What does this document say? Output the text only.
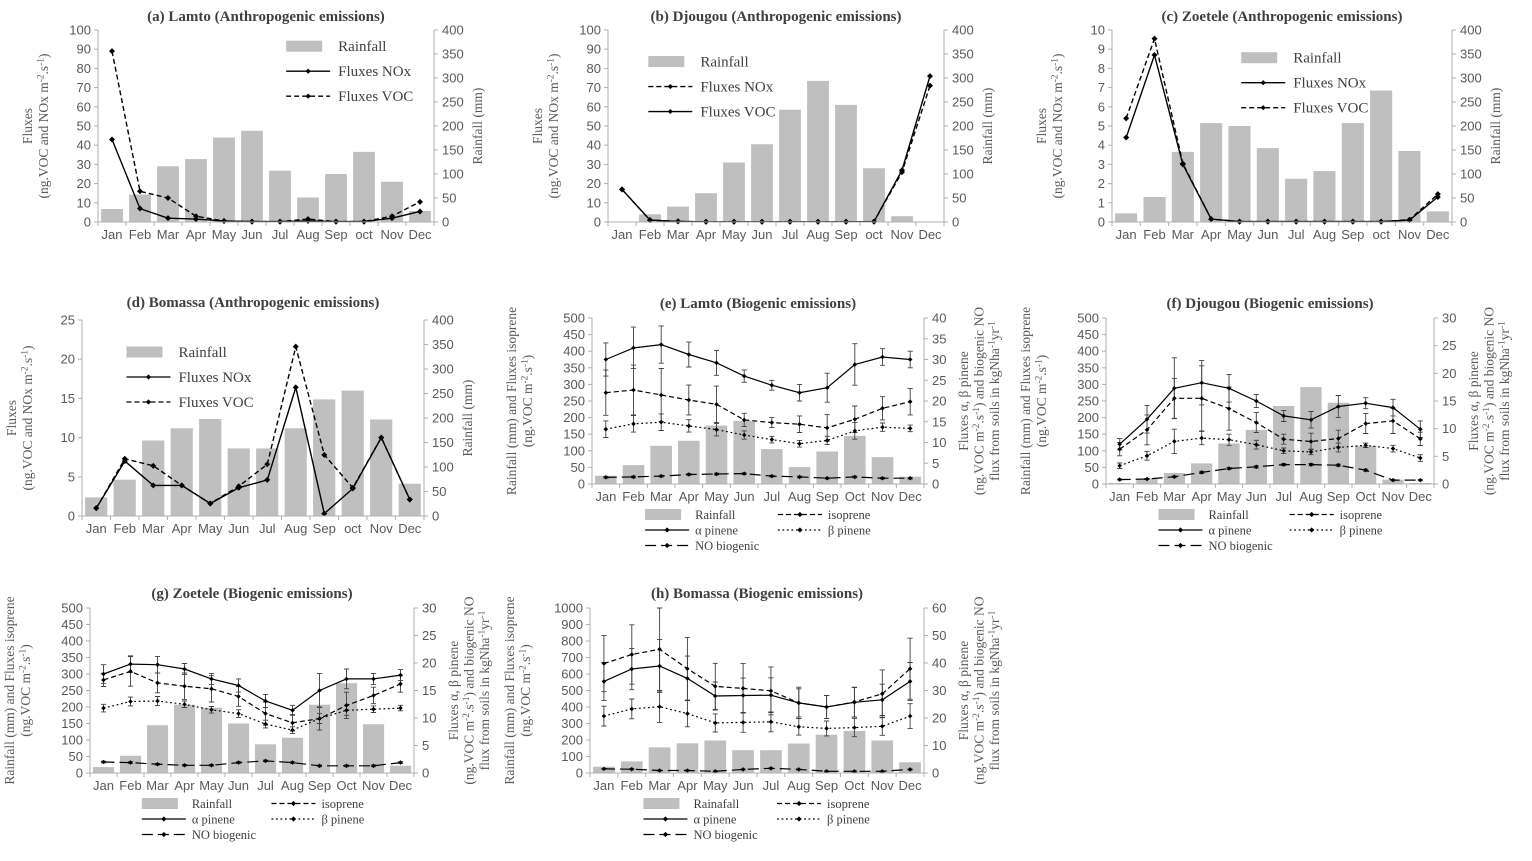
0
10
20
30
40
50
60
70
80
90
100
0
50
100
150
200
250
300
350
400
Jan Feb Mar Apr May Jun Jul Aug Sep oct Nov Dec
(a) Lamto (Anthropogenic emissions)
Fluxes (ng.VOC and NOx $m^{-2}.s^{-1}$)
Rainfall (mm)
Rainfall
Fluxes NOx
Fluxes VOC
0
10
20
30
40
50
60
70
80
90
100
0
50
100
150
200
250
300
350
400
Jan Feb Mar Apr May Jun Jul Aug Sep oct Nov Dec
(b) Djougou (Anthropogenic emissions)
Fluxes (ng.VOC and NOx $m^{-2}.s^{-1}$)
Rainfall (mm)
Rainfall
Fluxes NOx
Fluxes VOC
0
1
2
3
4
5
6
7
8
9
10
0
50
100
150
200
250
300
350
400
Jan Feb Mar Apr May Jun Jul Aug Sep oct Nov Dec
(c) Zoetele (Anthropogenic emissions)
Fluxes (ng.VOC and NOx $m^{-2}.s^{-1}$)
Rainfall (mm)
Rainfall
Fluxes NOx
Fluxes VOC
0
5
10
15
20
25
0
50
100
150
200
250
300
350
400
Jan Feb Mar Apr May Jun Jul Aug Sep oct Nov Dec
(d) Bomassa (Anthropogenic emissions)
Fluxes (ng.VOC and NOx $m^{-2}.s^{-1}$)
Rainfall (mm)
Rainfall
Fluxes NOx
Fluxes VOC
0
50
100
150
200
250
300
350
400
450
500
0
5
10
15
20
25
30
35
40
Jan Feb Mar Apr May Jun Jul Aug Sep Oct Nov Dec
(e) Lamto (Biogenic emissions)
Rainfall (mm) and Fluxes isoprene (ng.VOC $m^{-2}.s^{-1}$)	Fluxes α, β pinene
(ng.VOC $m^{-2}.s^{-1}$) and biogenic NO flux from soils in $kgNha^{-1}yr^{-1}$
Rainfall	isoprene
α pinene	β pinene
NO biogenic
0
50
100
150
200
250
300
350
400
450
500
0
5
10
15
20
25
30
Jan Feb Mar Apr May Jun Jul Aug Sep Oct Nov Dec
(f) Djougou (Biogenic emissions)
Rainfall (mm) and Fluxes isoprene (ng.VOC $m^{-2}.s^{-1}$)	Fluxes α, β pinene
(ng.VOC $m^{-2}.s^{-1}$) and biogenic NO flux from soils in $kgNha^{-1}yr^{-1}$
Rainfall	isoprene
α pinene	β pinene
NO biogenic
0
50
100
150
200
250
300
350
400
450
500
0
5
10
15
20
25
30
Jan Feb Mar Apr May Jun Jul Aug Sep Oct Nov Dec
(g) Zoetele (Biogenic emissions)
Rainfall (mm) and Fluxes isoprene (ng.VOC $m^{-2}.s^{-1}$)	Fluxes α, β pinene
(ng.VOC $m^{-2}.s^{-1}$) and biogenic NO flux from soils in $kgNha^{-1}yr^{-1}$
Rainfall	isoprene
α pinene	β pinene
NO biogenic
0
100
200
300
400
500
600
700
800
900
1000
0
10
20
30
40
50
60
Jan Feb Mar Apr May Jun Jul Aug Sep Oct Nov Dec
(h) Bomassa (Biogenic emissions)
Rainfall (mm) and Fluxes isoprene (ng.VOC $m^{-2}.s^{-1}$)	Fluxes α, β pinene
(ng.VOC $m^{-2}.s^{-1}$) and biogenic NO flux from soils in $kgNha^{-1}yr^{-1}$
Rainafall	isoprene
α pinene	β pinene
NO biogenic
